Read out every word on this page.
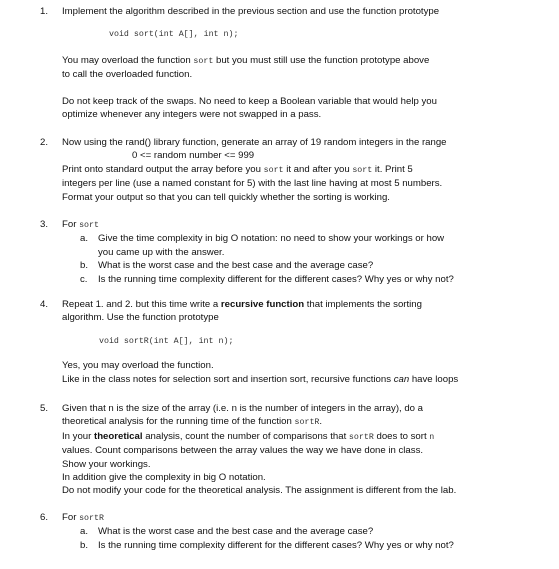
1. Implement the algorithm described in the previous section and use the function prototype
void sort(int A[], int n);
You may overload the function sort but you must still use the function prototype above
to call the overloaded function.
Do not keep track of the swaps. No need to keep a Boolean variable that would help you
optimize whenever any integers were not swapped in a pass.
2. Now using the rand() library function, generate an array of 19 random integers in the range
0 <= random number <= 999
Print onto standard output the array before you sort it and after you sort it. Print 5
integers per line (use a named constant for 5) with the last line having at most 5 numbers.
Format your output so that you can tell quickly whether the sorting is working.
3. For sort
a. Give the time complexity in big O notation: no need to show your workings or how
you came up with the answer.
b. What is the worst case and the best case and the average case?
c. Is the running time complexity different for the different cases? Why yes or why not?
4. Repeat 1. and 2. but this time write a recursive function that implements the sorting
algorithm. Use the function prototype
void sortR(int A[], int n);
Yes, you may overload the function.
Like in the class notes for selection sort and insertion sort, recursive functions can have loops
5. Given that n is the size of the array (i.e. n is the number of integers in the array), do a
theoretical analysis for the running time of the function sortR.
In your theoretical analysis, count the number of comparisons that sortR does to sort n
values. Count comparisons between the array values the way we have done in class.
Show your workings.
In addition give the complexity in big O notation.
Do not modify your code for the theoretical analysis. The assignment is different from the lab.
6. For sortR
a. What is the worst case and the best case and the average case?
b. Is the running time complexity different for the different cases? Why yes or why not?
